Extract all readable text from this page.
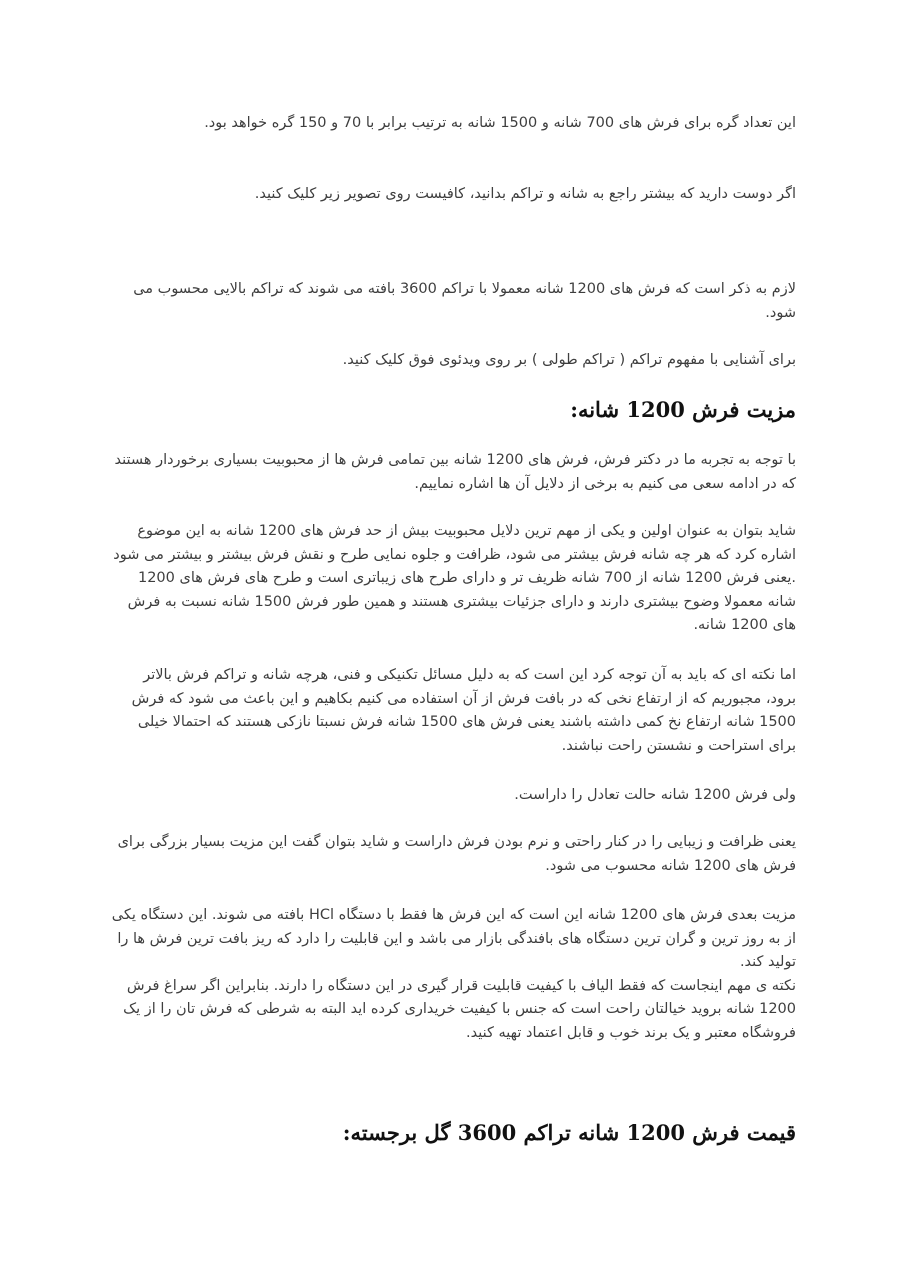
این تعداد گره برای فرش های 700 شانه و 1500 شانه به ترتیب برابر با 70 و 150 گره خواهد بود.

اگر دوست دارید که بیشتر راجع به شانه و تراکم بدانید، کافیست روی تصویر زیر کلیک کنید.

لازم به ذکر است که فرش های 1200 شانه معمولا با تراکم 3600 بافته می شوند که تراکم بالایی محسوب می شود.

برای آشنایی با مفهوم تراکم ( تراکم طولی ) بر روی ویدئوی فوق کلیک کنید.

مزیت فرش 1200 شانه:

با توجه به تجربه ما در دکتر فرش، فرش های 1200 شانه بین تمامی فرش ها از محبوبیت بسیاری برخوردار هستند که در ادامه سعی می کنیم به برخی از دلایل آن ها اشاره نماییم.

شاید بتوان به عنوان اولین و یکی از مهم ترین دلایل محبوبیت بیش از حد فرش های 1200 شانه به این موضوع اشاره کرد که هر چه شانه فرش بیشتر می شود، ظرافت و جلوه نمایی طرح و نقش فرش بیشتر و بیشتر می شود .یعنی فرش 1200 شانه از 700 شانه ظریف تر و دارای طرح های زیباتری است و طرح های فرش های 1200 شانه معمولا وضوح بیشتری دارند و دارای جزئیات بیشتری هستند و همین طور فرش 1500 شانه نسبت به فرش های 1200 شانه.

اما نکته ای که باید به آن توجه کرد این است که به دلیل مسائل تکنیکی و فنی، هرچه شانه و تراکم فرش بالاتر برود، مجبوریم که از ارتفاع نخی که در بافت فرش از آن استفاده می کنیم بکاهیم و این باعث می شود که فرش 1500 شانه ارتفاع نخ کمی داشته باشند یعنی فرش های 1500 شانه فرش نسبتا نازکی هستند که احتمالا خیلی برای استراحت و نشستن راحت نباشند.

ولی فرش 1200 شانه حالت تعادل را داراست.

یعنی ظرافت و زیبایی را در کنار راحتی و نرم بودن فرش داراست و شاید بتوان گفت این مزیت بسیار بزرگی برای فرش های 1200 شانه محسوب می شود.

مزیت بعدی فرش های 1200 شانه این است که این فرش ها فقط با دستگاه HCl بافته می شوند. این دستگاه یکی از به روز ترین و گران ترین دستگاه های بافندگی بازار می باشد و این قابلیت را دارد که ریز بافت ترین فرش ها را تولید کند.

نکته ی مهم اینجاست که فقط الیاف با کیفیت قابلیت قرار گیری در این دستگاه را دارند. بنابراین اگر سراغ فرش 1200 شانه بروید خیالتان راحت است که جنس با کیفیت خریداری کرده اید البته به شرطی که فرش تان را از یک فروشگاه معتبر و یک برند خوب و قابل اعتماد تهیه کنید.

قیمت فرش 1200 شانه تراکم 3600 گل برجسته:
